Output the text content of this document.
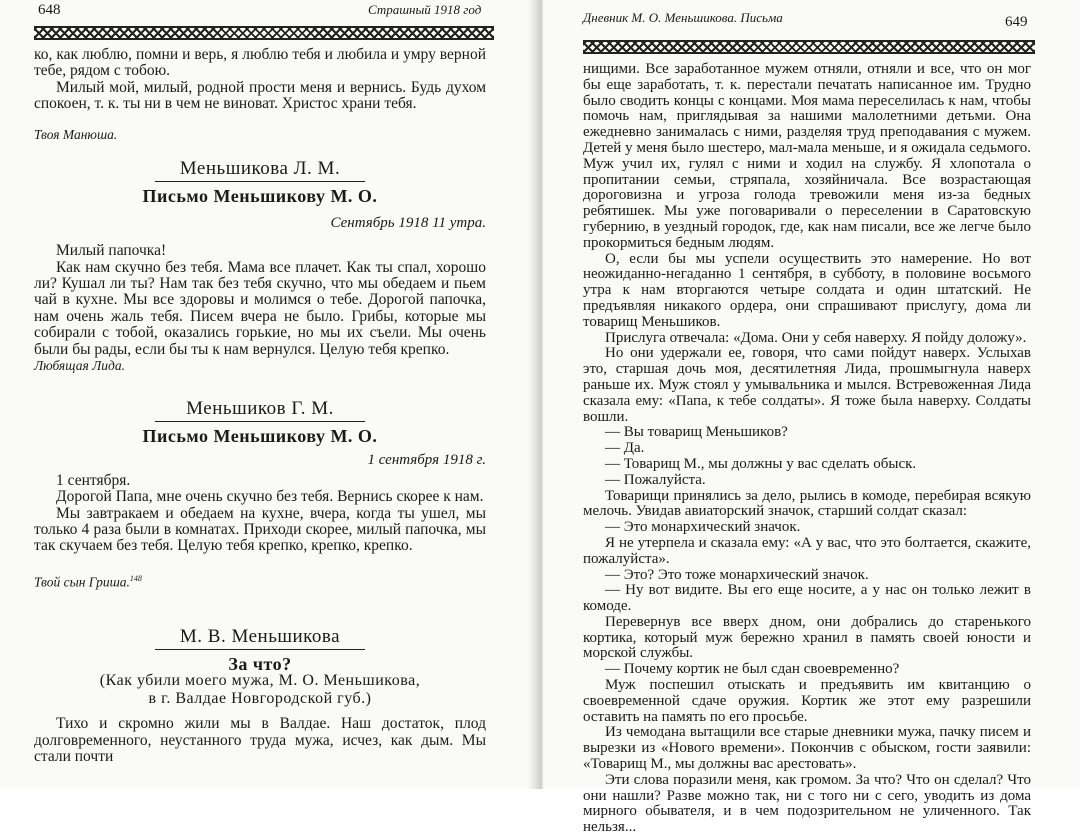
648	Страшный 1918 год

ко, как люблю, помни и верь, я люблю тебя и любила и умру верной тебе, рядом с тобою.

Милый мой, милый, родной прости меня и вернись. Будь духом спокоен, т. к. ты ни в чем не виноват. Христос храни тебя.

Твоя Манюша.

Меньшикова Л. М.

Письмо Меньшикову М. О.

Сентябрь 1918 11 утра.

Милый папочка!

Как нам скучно без тебя. Мама все плачет. Как ты спал, хорошо ли? Кушал ли ты? Нам так без тебя скучно, что мы обедаем и пьем чай в кухне. Мы все здоровы и молимся о тебе. Дорогой папочка, нам очень жаль тебя. Писем вчера не было. Грибы, которые мы собирали с тобой, оказались горькие, но мы их съели. Мы очень были бы рады, если бы ты к нам вернулся. Целую тебя крепко.

Любящая Лида.

Меньшиков Г. М.

Письмо Меньшикову М. О.

1 сентября 1918 г.

1 сентября.

Дорогой Папа, мне очень скучно без тебя. Вернись скорее к нам.

Мы завтракаем и обедаем на кухне, вчера, когда ты ушел, мы только 4 раза были в комнатах. Приходи скорее, милый папочка, мы так скучаем без тебя. Целую тебя крепко, крепко, крепко.

Твой сын Гриша.$^{148}$

М. В. Меньшикова

За что?

(Как убили моего мужа, М. О. Меньшикова,

в г. Валдае Новгородской губ.)

Тихо и скромно жили мы в Валдае. Наш достаток, плод долговременного, неустанного труда мужа, исчез, как дым. Мы стали почти

Дневник М. О. Меньшикова. Письма	649

нищими. Все заработанное мужем отняли, отняли и все, что он мог бы еще заработать, т. к. перестали печатать написанное им. Трудно было сводить концы с концами. Моя мама переселилась к нам, чтобы помочь нам, приглядывая за нашими малолетними детьми. Она ежедневно занималась с ними, разделяя труд преподавания с мужем. Детей у меня было шестеро, мал-мала меньше, и я ожидала седьмого. Муж учил их, гулял с ними и ходил на службу. Я хлопотала о пропитании семьи, стряпала, хозяйничала. Все возрастающая дороговизна и угроза голода тревожили меня из-за бедных ребятишек. Мы уже поговаривали о переселении в Саратовскую губернию, в уездный городок, где, как нам писали, все же легче было прокормиться бедным людям.

О, если бы мы успели осуществить это намерение. Но вот неожиданно-негаданно 1 сентября, в субботу, в половине восьмого утра к нам вторгаются четыре солдата и один штатский. Не предъявляя никакого ордера, они спрашивают прислугу, дома ли товарищ Меньшиков.

Прислуга отвечала: «Дома. Они у себя наверху. Я пойду доложу».

Но они удержали ее, говоря, что сами пойдут наверх. Услыхав это, старшая дочь моя, десятилетняя Лида, прошмыгнула наверх раньше их. Муж стоял у умывальника и мылся. Встревоженная Лида сказала ему: «Папа, к тебе солдаты». Я тоже была наверху. Солдаты вошли.

— Вы товарищ Меньшиков?

— Да.

— Товарищ М., мы должны у вас сделать обыск.

— Пожалуйста.

Товарищи принялись за дело, рылись в комоде, перебирая всякую мелочь. Увидав авиаторский значок, старший солдат сказал:

— Это монархический значок.

Я не утерпела и сказала ему: «А у вас, что это болтается, скажите, пожалуйста».

— Это? Это тоже монархический значок.

— Ну вот видите. Вы его еще носите, а у нас он только лежит в комоде.

Перевернув все вверх дном, они добрались до старенького кортика, который муж бережно хранил в память своей юности и морской службы.

— Почему кортик не был сдан своевременно?

Муж поспешил отыскать и предъявить им квитанцию о своевременной сдаче оружия. Кортик же этот ему разрешили оставить на память по его просьбе.

Из чемодана вытащили все старые дневники мужа, пачку писем и вырезки из «Нового времени». Покончив с обыском, гости заявили: «Товарищ М., мы должны вас арестовать».

Эти слова поразили меня, как громом. За что? Что он сделал? Что они нашли? Разве можно так, ни с того ни с сего, уводить из дома мирного обывателя, и в чем подозрительном не уличенного. Так нельзя...
